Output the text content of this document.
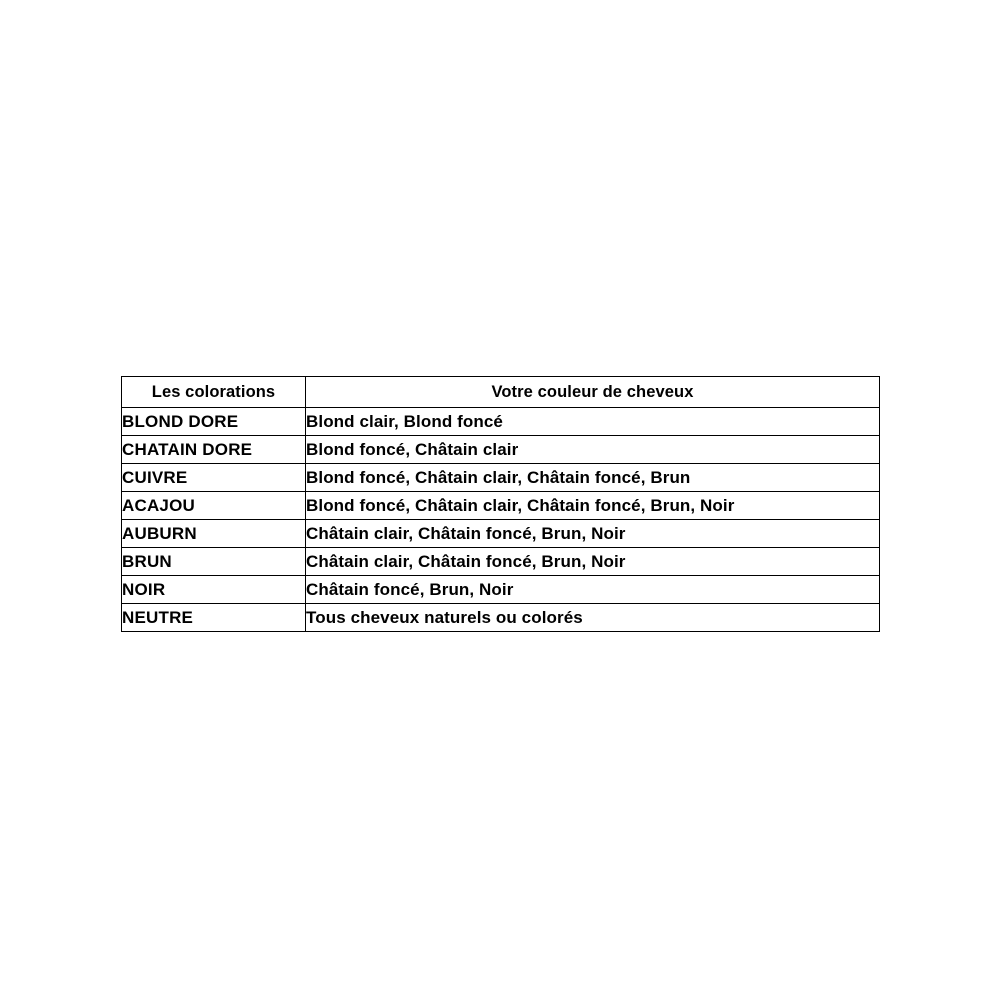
Les colorations	Votre couleur de cheveux
BLOND DORE	Blond clair, Blond foncé
CHATAIN DORE	Blond foncé, Châtain clair
CUIVRE	Blond foncé, Châtain clair, Châtain foncé, Brun
ACAJOU	Blond foncé, Châtain clair, Châtain foncé, Brun, Noir
AUBURN	Châtain clair, Châtain foncé, Brun, Noir
BRUN	Châtain clair, Châtain foncé, Brun, Noir
NOIR	Châtain foncé, Brun, Noir
NEUTRE	Tous cheveux naturels ou colorés
